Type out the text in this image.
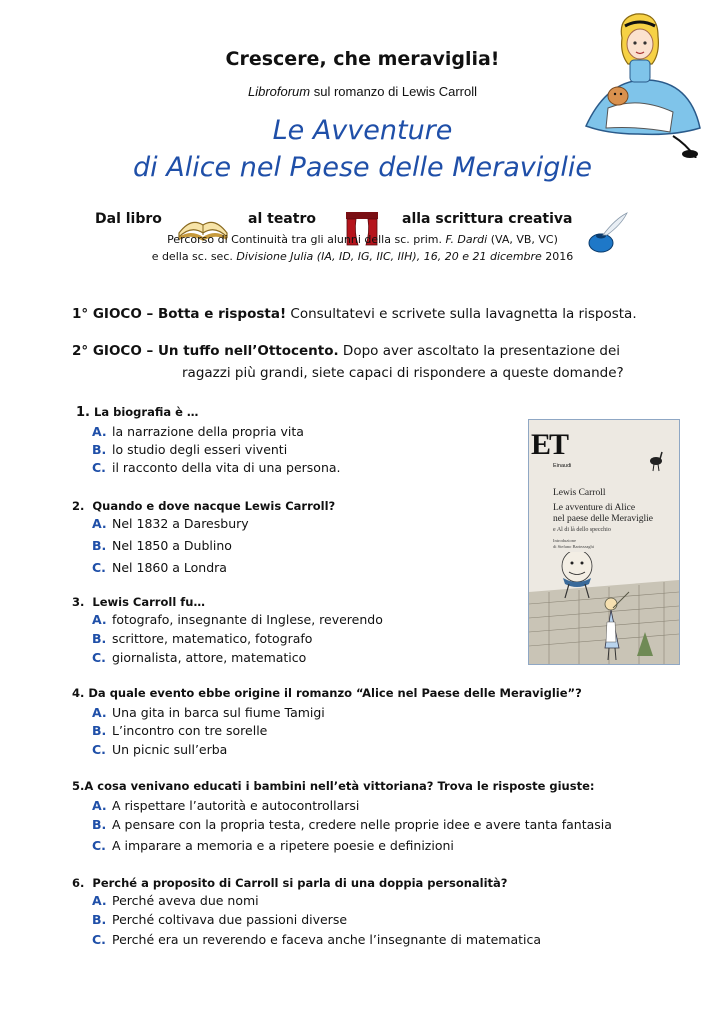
Crescere, che meraviglia!
Libroforum sul romanzo di Lewis Carroll
Le Avventure
di Alice nel Paese delle Meraviglie
Dal libro	al teatro	alla scrittura creativa
Percorso di Continuità tra gli alunni della sc. prim. F. Dardi (VA, VB, VC)
e della sc. sec. Divisione Julia (IA, ID, IG, IIC, IIH), 16, 20 e 21 dicembre 2016
1° GIOCO – Botta e risposta! Consultatevi e scrivete sulla lavagnetta la risposta.
2° GIOCO – Un tuffo nell’Ottocento. Dopo aver ascoltato la presentazione dei
ragazzi più grandi, siete capaci di rispondere a queste domande?
1. La biografia è …
A. la narrazione della propria vita
B. lo studio degli esseri viventi
C. il racconto della vita di una persona.
2. Quando e dove nacque Lewis Carroll?
A. Nel 1832 a Daresbury
B. Nel 1850 a Dublino
C. Nel 1860 a Londra
3. Lewis Carroll fu…
A. fotografo, insegnante di Inglese, reverendo
B. scrittore, matematico, fotografo
C. giornalista, attore, matematico
4. Da quale evento ebbe origine il romanzo “Alice nel Paese delle Meraviglie”?
A. Una gita in barca sul fiume Tamigi
B. L’incontro con tre sorelle
C. Un picnic sull’erba
5.A cosa venivano educati i bambini nell’età vittoriana? Trova le risposte giuste:
A. A rispettare l’autorità e autocontrollarsi
B. A pensare con la propria testa, credere nelle proprie idee e avere tanta fantasia
C. A imparare a memoria e a ripetere poesie e definizioni
6. Perché a proposito di Carroll si parla di una doppia personalità?
A. Perché aveva due nomi
B. Perché coltivava due passioni diverse
C. Perché era un reverendo e faceva anche l’insegnante di matematica
ET
Einaudi
Lewis Carroll
Le avventure di Alice
nel paese delle Meraviglie
e Al di là dello specchio
Introduzione
di Stefano Bartezzaghi
